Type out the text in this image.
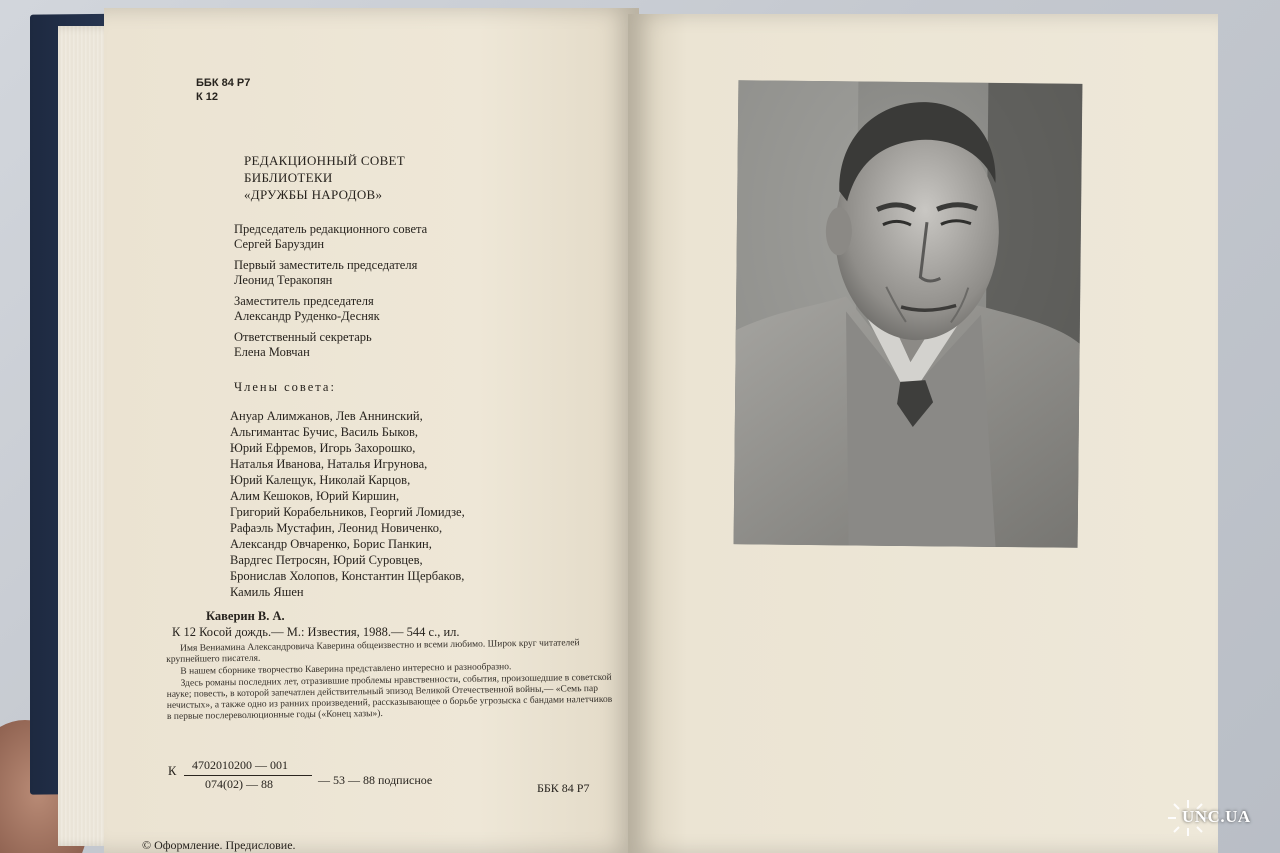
ББК 84 Р7
К 12
РЕДАКЦИОННЫЙ СОВЕТ
БИБЛИОТЕКИ
«ДРУЖБЫ НАРОДОВ»
Председатель редакционного совета
Сергей Баруздин
Первый заместитель председателя
Леонид Теракопян
Заместитель председателя
Александр Руденко-Десняк
Ответственный секретарь
Елена Мовчан
Члены совета:
Ануар Алимжанов, Лев Аннинский,
Альгимантас Бучис, Василь Быков,
Юрий Ефремов, Игорь Захорошко,
Наталья Иванова, Наталья Игрунова,
Юрий Калещук, Николай Карцов,
Алим Кешоков, Юрий Киршин,
Григорий Корабельников, Георгий Ломидзе,
Рафаэль Мустафин, Леонид Новиченко,
Александр Овчаренко, Борис Панкин,
Вардгес Петросян, Юрий Суровцев,
Бронислав Холопов, Константин Щербаков,
Камиль Яшен
Каверин В. А.
К 12 Косой дождь.— М.: Известия, 1988.— 544 с., ил.

Имя Вениамина Александровича Каверина общеизвестно и всеми любимо. Широк круг читателей крупнейшего писателя.

В нашем сборнике творчество Каверина представлено интересно и разнообразно.

Здесь романы последних лет, отразившие проблемы нравственности, события, произошедшие в советской науке; повесть, в которой запечатлен действительный эпизод Великой Отечественной войны,— «Семь пар нечистых», а также одно из ранних произведений, рассказывающее о борьбе угрозыска с бандами налетчиков в первые послереволюционные годы («Конец хазы»).

К 4702010200 — 001
074(02) — 88	— 53 — 88 подписное
ББК 84 Р7
© Оформление. Предисловие.
UNC.UA
